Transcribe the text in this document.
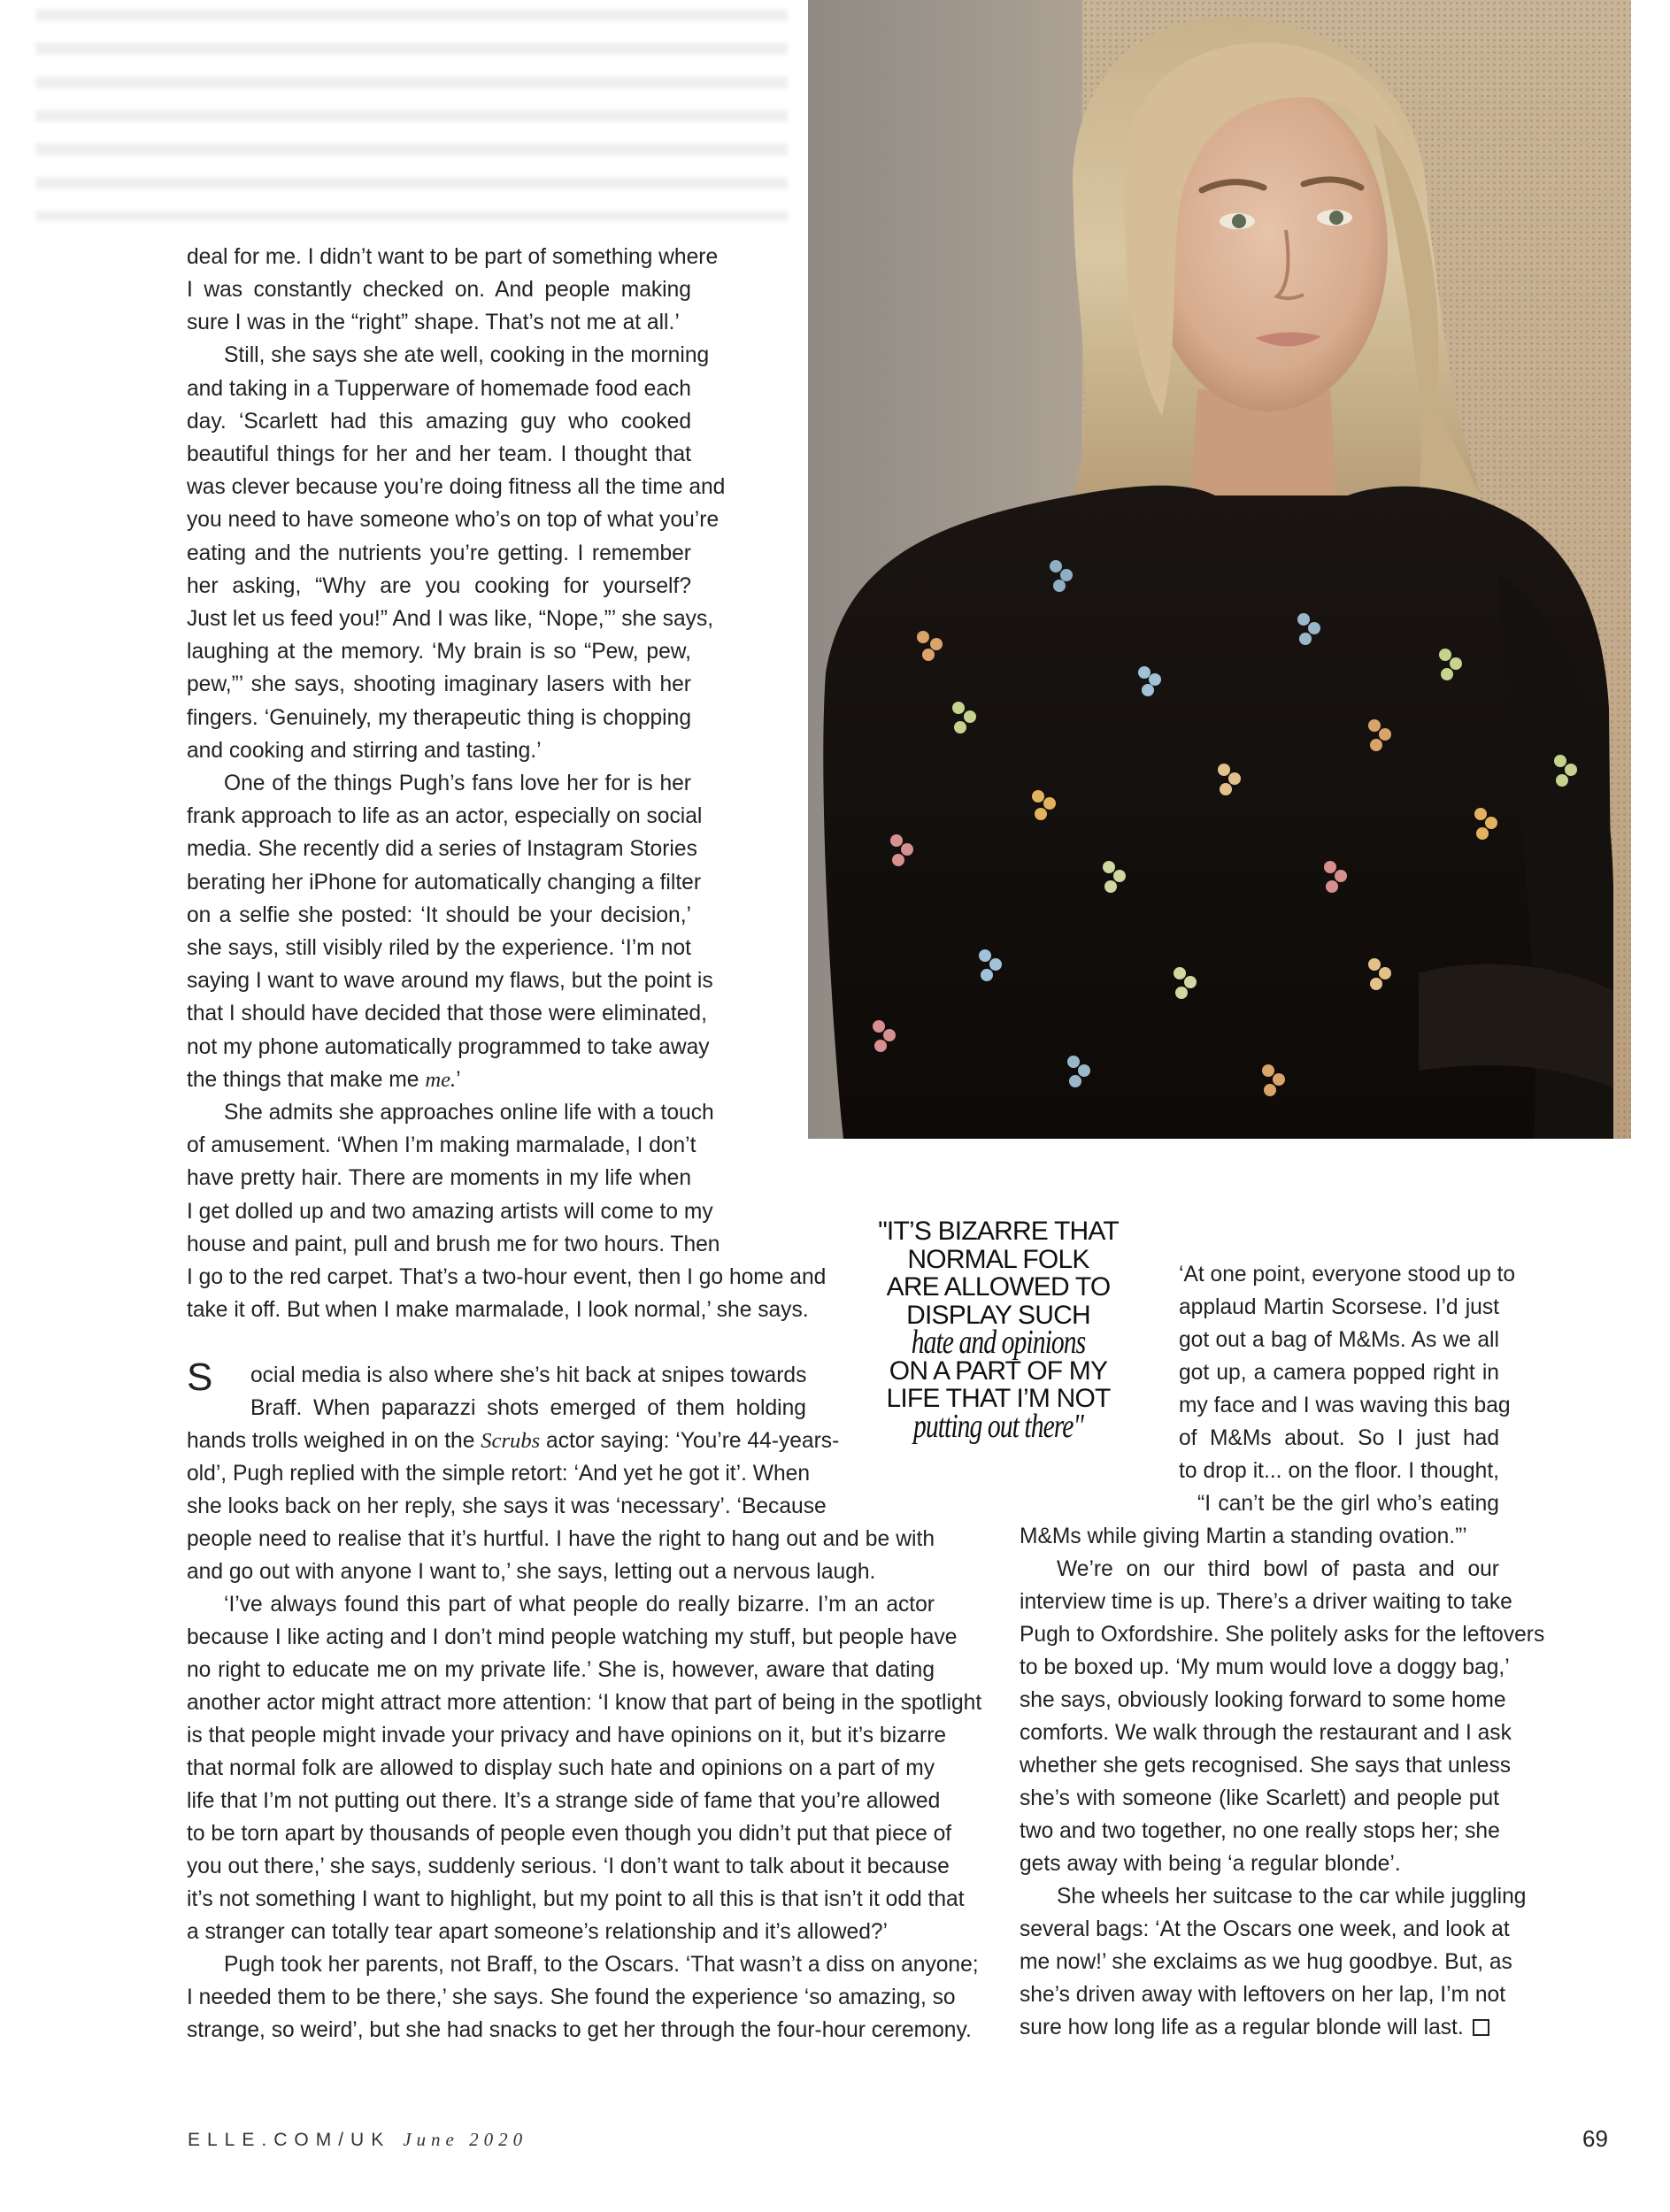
deal for me. I didn’t want to be part of something where

I was constantly checked on. And people making

sure I was in the “right” shape. That’s not me at all.’

Still, she says she ate well, cooking in the morning

and taking in a Tupperware of homemade food each

day. ‘Scarlett had this amazing guy who cooked

beautiful things for her and her team. I thought that

was clever because you’re doing fitness all the time and

you need to have someone who’s on top of what you’re

eating and the nutrients you’re getting. I remember

her asking, “Why are you cooking for yourself?

Just let us feed you!” And I was like, “Nope,”’ she says,

laughing at the memory. ‘My brain is so “Pew, pew,

pew,”’ she says, shooting imaginary lasers with her

fingers. ‘Genuinely, my therapeutic thing is chopping

and cooking and stirring and tasting.’

One of the things Pugh’s fans love her for is her

frank approach to life as an actor, especially on social

media. She recently did a series of Instagram Stories

berating her iPhone for automatically changing a filter

on a selfie she posted: ‘It should be your decision,’

she says, still visibly riled by the experience. ‘I’m not

saying I want to wave around my flaws, but the point is

that I should have decided that those were eliminated,

not my phone automatically programmed to take away

the things that make me me.’

She admits she approaches online life with a touch

of amusement. ‘When I’m making marmalade, I don’t

have pretty hair. There are moments in my life when

I get dolled up and two amazing artists will come to my

house and paint, pull and brush me for two hours. Then

I go to the red carpet. That’s a two-hour event, then I go home and

take it off. But when I make marmalade, I look normal,’ she says.

S ocial media is also where she’s hit back at snipes towards

Braff. When paparazzi shots emerged of them holding

hands trolls weighed in on the Scrubs actor saying: ‘You’re 44-years-

old’, Pugh replied with the simple retort: ‘And yet he got it’. When

she looks back on her reply, she says it was ‘necessary’. ‘Because

people need to realise that it’s hurtful. I have the right to hang out and be with

and go out with anyone I want to,’ she says, letting out a nervous laugh.

‘I’ve always found this part of what people do really bizarre. I’m an actor

because I like acting and I don’t mind people watching my stuff, but people have

no right to educate me on my private life.’ She is, however, aware that dating

another actor might attract more attention: ‘I know that part of being in the spotlight

is that people might invade your privacy and have opinions on it, but it’s bizarre

that normal folk are allowed to display such hate and opinions on a part of my

life that I’m not putting out there. It’s a strange side of fame that you’re allowed

to be torn apart by thousands of people even though you didn’t put that piece of

you out there,’ she says, suddenly serious. ‘I don’t want to talk about it because

it’s not something I want to highlight, but my point to all this is that isn’t it odd that

a stranger can totally tear apart someone’s relationship and it’s allowed?’

Pugh took her parents, not Braff, to the Oscars. ‘That wasn’t a diss on anyone;

I needed them to be there,’ she says. She found the experience ‘so amazing, so

strange, so weird’, but she had snacks to get her through the four-hour ceremony.

"IT’S BIZARRE THAT
NORMAL FOLK
ARE ALLOWED TO
DISPLAY SUCH
hate and opinions
ON A PART OF MY
LIFE THAT I’M NOT
putting out there"

‘At one point, everyone stood up to

applaud Martin Scorsese. I’d just

got out a bag of M&Ms. As we all

got up, a camera popped right in

my face and I was waving this bag

of M&Ms about. So I just had

to drop it... on the floor. I thought,

“I can’t be the girl who’s eating

M&Ms while giving Martin a standing ovation.”’

We’re on our third bowl of pasta and our

interview time is up. There’s a driver waiting to take

Pugh to Oxfordshire. She politely asks for the leftovers

to be boxed up. ‘My mum would love a doggy bag,’

she says, obviously looking forward to some home

comforts. We walk through the restaurant and I ask

whether she gets recognised. She says that unless

she’s with someone (like Scarlett) and people put

two and two together, no one really stops her; she

gets away with being ‘a regular blonde’.

She wheels her suitcase to the car while juggling

several bags: ‘At the Oscars one week, and look at

me now!’ she exclaims as we hug goodbye. But, as

she’s driven away with leftovers on her lap, I’m not

sure how long life as a regular blonde will last.

ELLE.COM/UK June 2020	69
